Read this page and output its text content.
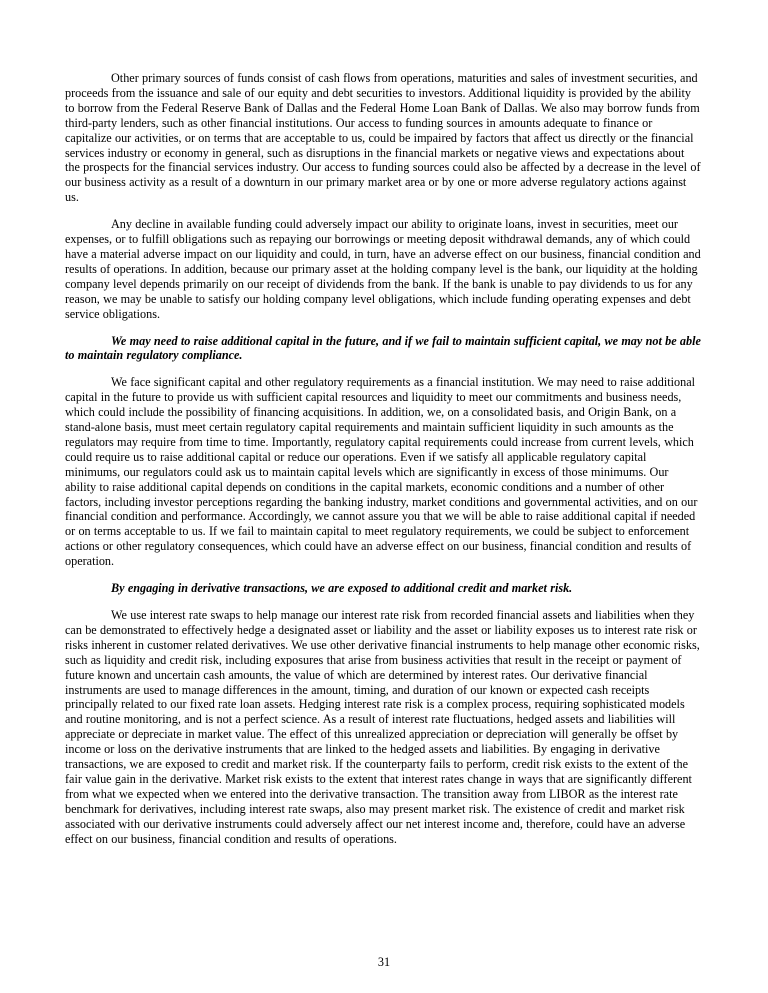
Other primary sources of funds consist of cash flows from operations, maturities and sales of investment securities, and proceeds from the issuance and sale of our equity and debt securities to investors. Additional liquidity is provided by the ability to borrow from the Federal Reserve Bank of Dallas and the Federal Home Loan Bank of Dallas. We also may borrow funds from third-party lenders, such as other financial institutions. Our access to funding sources in amounts adequate to finance or capitalize our activities, or on terms that are acceptable to us, could be impaired by factors that affect us directly or the financial services industry or economy in general, such as disruptions in the financial markets or negative views and expectations about the prospects for the financial services industry. Our access to funding sources could also be affected by a decrease in the level of our business activity as a result of a downturn in our primary market area or by one or more adverse regulatory actions against us.

Any decline in available funding could adversely impact our ability to originate loans, invest in securities, meet our expenses, or to fulfill obligations such as repaying our borrowings or meeting deposit withdrawal demands, any of which could have a material adverse impact on our liquidity and could, in turn, have an adverse effect on our business, financial condition and results of operations. In addition, because our primary asset at the holding company level is the bank, our liquidity at the holding company level depends primarily on our receipt of dividends from the bank. If the bank is unable to pay dividends to us for any reason, we may be unable to satisfy our holding company level obligations, which include funding operating expenses and debt service obligations.

We may need to raise additional capital in the future, and if we fail to maintain sufficient capital, we may not be able to maintain regulatory compliance.

We face significant capital and other regulatory requirements as a financial institution. We may need to raise additional capital in the future to provide us with sufficient capital resources and liquidity to meet our commitments and business needs, which could include the possibility of financing acquisitions. In addition, we, on a consolidated basis, and Origin Bank, on a stand-alone basis, must meet certain regulatory capital requirements and maintain sufficient liquidity in such amounts as the regulators may require from time to time. Importantly, regulatory capital requirements could increase from current levels, which could require us to raise additional capital or reduce our operations. Even if we satisfy all applicable regulatory capital minimums, our regulators could ask us to maintain capital levels which are significantly in excess of those minimums. Our ability to raise additional capital depends on conditions in the capital markets, economic conditions and a number of other factors, including investor perceptions regarding the banking industry, market conditions and governmental activities, and on our financial condition and performance. Accordingly, we cannot assure you that we will be able to raise additional capital if needed or on terms acceptable to us. If we fail to maintain capital to meet regulatory requirements, we could be subject to enforcement actions or other regulatory consequences, which could have an adverse effect on our business, financial condition and results of operation.

By engaging in derivative transactions, we are exposed to additional credit and market risk.

We use interest rate swaps to help manage our interest rate risk from recorded financial assets and liabilities when they can be demonstrated to effectively hedge a designated asset or liability and the asset or liability exposes us to interest rate risk or risks inherent in customer related derivatives. We use other derivative financial instruments to help manage other economic risks, such as liquidity and credit risk, including exposures that arise from business activities that result in the receipt or payment of future known and uncertain cash amounts, the value of which are determined by interest rates. Our derivative financial instruments are used to manage differences in the amount, timing, and duration of our known or expected cash receipts principally related to our fixed rate loan assets. Hedging interest rate risk is a complex process, requiring sophisticated models and routine monitoring, and is not a perfect science. As a result of interest rate fluctuations, hedged assets and liabilities will appreciate or depreciate in market value. The effect of this unrealized appreciation or depreciation will generally be offset by income or loss on the derivative instruments that are linked to the hedged assets and liabilities. By engaging in derivative transactions, we are exposed to credit and market risk. If the counterparty fails to perform, credit risk exists to the extent of the fair value gain in the derivative. Market risk exists to the extent that interest rates change in ways that are significantly different from what we expected when we entered into the derivative transaction. The transition away from LIBOR as the interest rate benchmark for derivatives, including interest rate swaps, also may present market risk. The existence of credit and market risk associated with our derivative instruments could adversely affect our net interest income and, therefore, could have an adverse effect on our business, financial condition and results of operations.

31
